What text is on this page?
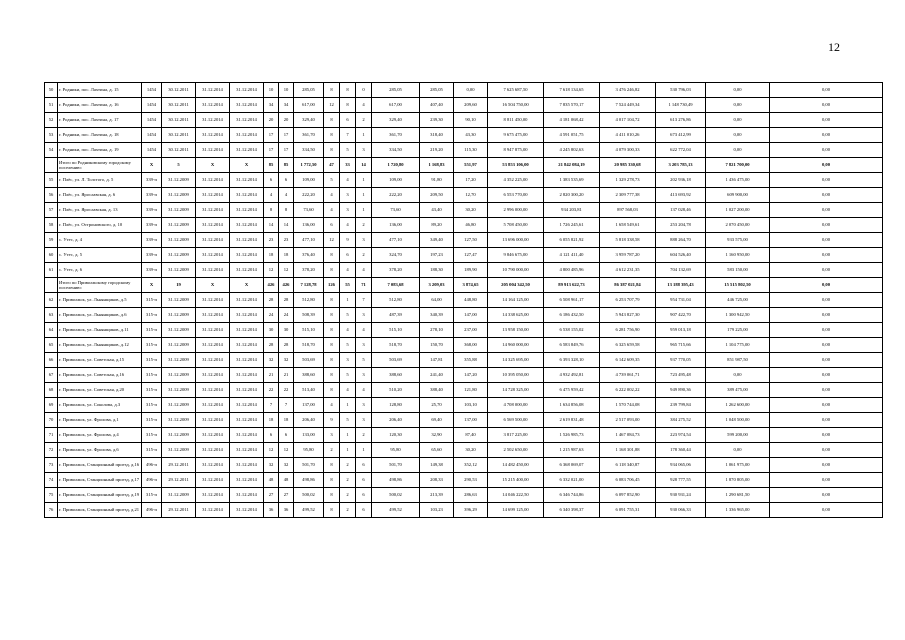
12
50	г. Родники, пос. Лахтина, д. 15	1454	30.12.2011	31.12.2014	31.12.2014	10	10	285,05	8	8	0	285,05	285,05	0,00	7 625 687,50	7 618 134,65	3 476 246,82	530 796,03	0,00	0,00
51	г. Родники, пос. Лахтина, д. 16	1454	30.12.2011	31.12.2014	31.12.2014	34	34	617,00	12	8	4	617,00	407,40	209,60	16 504 750,00	7 835 570,17	7 524 449,34	1 148 730,49	0,00	0,00
52	г. Родники, пос. Лахтина, д. 17	1454	30.12.2011	31.12.2014	31.12.2014	20	20	329,40	8	6	2	329,40	239,30	90,10	8 811 450,00	4 181 068,42	4 017 104,72	613 276,86	0,00	0,00
53	г. Родники, пос. Лахтина, д. 18	1454	30.12.2011	31.12.2014	31.12.2014	17	17	361,70	8	7	1	361,70	318,40	43,30	9 675 475,00	4 591 051,75	4 411 010,26	673 412,99	0,00	0,00
54	г. Родники, пос. Лахтина, д. 19	1454	30.12.2011	31.12.2014	31.12.2014	17	17	334,50	8	5	3	334,50	219,20	115,30	8 947 875,00	4 245 802,63	4 079 300,33	622 772,04	0,00	0,00
	Итого по Родниковскому городскому поселению:	X	5	X	X	85	85	1 772,50	47	33	14	1 720,80	1 168,83	551,97	53 853 106,00	21 842 084,19	20 985 330,68	3 203 785,13	7 821 700,00	0,00
55	г. Плёс, ул. Л. Толстого, д. 5	339-п	31.12.2009	31.12.2014	31.12.2014	6	6	109,00	5	4	1	109,00	91,80	17,20	4 352 225,00	1 383 535,69	1 329 278,73	202 936,18	1 436 475,00	0,00
56	г. Плёс, ул. Ярославская, д. 6	339-п	31.12.2009	31.12.2014	31.12.2014	4	4	222,20	4	3	1	222,20	209,50	12,70	6 553 770,00	2 820 300,20	2 309 777,38	413 693,92	609 900,00	0,00
57	г. Плёс, ул. Ярославская, д. 13	339-п	31.12.2009	31.12.2014	31.12.2014	8	8	73,60	4	3	1	73,60	43,40	30,20	2 996 000,00	934 203,81	897 568,03	137 028,46	1 027 200,00	0,00
58	г. Плёс, ул. Остроновского, д. 10	339-п	31.12.2009	31.12.2014	31.12.2014	14	14	136,00	6	4	2	136,00	89,20	46,80	5 708 450,00	1 726 245,61	1 658 549,61	253 204,78	2 070 450,00	0,00
59	с. Утес, д. 4	339-п	31.12.2009	31.12.2014	31.12.2014	23	23	477,10	12	9	3	477,10	349,40	127,50	13 696 000,00	6 055 821,92	5 818 338,58	888 264,70	933 575,00	0,00
60	с. Утес, д. 5	339-п	31.12.2009	31.12.2014	31.12.2014	18	18	376,40	8	6	2	324,70	197,23	127,47	9 846 675,00	4 121 411,40	3 959 787,20	604 526,40	1 160 950,00	0,00
61	с. Утес, д. 6	339-п	31.12.2009	31.12.2014	31.12.2014	12	12	378,20	8	4	4	378,20	188,30	189,90	10 790 000,00	4 800 485,96	4 612 231,35	704 132,69	583 150,00	0,00
	Итого по Приволжскому городскому поселению:	X	19	X	X	426	426	7 128,78	126	55	71	7 083,68	3 209,03	3 874,65	205 004 342,50	89 913 622,73	86 387 021,84	13 188 395,43	15 515 802,50	0,00
62	г. Приволжск, ул. Льнянщиков, д.5	315-п	31.12.2009	31.12.2014	31.12.2014	28	28	512,80	8	1	7	512,80	64,00	448,80	14 164 125,00	6 508 961,17	6 253 707,79	954 731,04	446 725,00	0,00
63	г. Приволжск, ул. Льнянщиков, д.6	315-п	31.12.2009	31.12.2014	31.12.2014	24	24	508,39	8	5	3	487,39	340,39	147,00	14 338 625,00	6 186 432,50	5 943 827,30	907 422,70	1 300 942,50	0,00
64	г. Приволжск, ул. Льнянщиков, д.11	315-п	31.12.2009	31.12.2014	31.12.2014	30	30	515,10	8	4	4	515,10	278,10	237,00	13 958 150,00	6 538 155,02	6 281 756,90	959 013,18	179 225,00	0,00
65	г. Приволжск, ул. Льнянщиков, д.12	315-п	31.12.2009	31.12.2014	31.12.2014	28	28	518,70	8	5	3	518,70	150,70	368,00	14 960 000,00	6 583 849,76	6 325 659,58	965 715,66	1 104 775,00	0,00
66	г. Приволжск, ул. Советская, д.15	315-п	31.12.2009	31.12.2014	31.12.2014	32	32	503,69	8	3	5	503,69	147,81	355,88	14 325 695,00	6 393 328,10	6 142 609,35	937 770,05	851 987,50	0,00
67	г. Приволжск, ул. Советская, д.16	315-п	31.12.2009	31.12.2014	31.12.2014	21	21	388,60	8	5	3	388,60	241,40	147,20	10 395 050,00	4 932 492,81	4 739 061,71	723 495,48	0,00	0,00
68	г. Приволжск, ул. Советская, д.20	315-п	31.12.2009	31.12.2014	31.12.2014	22	22	513,40	8	4	4	510,20	388,40	121,80	14 728 325,00	6 475 959,42	6 222 002,22	949 890,36	389 475,00	0,00
69	г. Приволжск, ул. Соколова, д.3	315-п	31.12.2009	31.12.2014	31.12.2014	7	7	137,00	4	1	3	128,80	25,70	103,10	4 708 000,00	1 634 856,08	1 570 744,08	239 799,84	1 262 600,00	0,00
70	г. Приволжск, ул. Фролова, д.1	315-п	31.12.2009	31.12.2014	31.12.2014	18	18	206,40	9	5	3	206,40	69,40	137,00	6 569 500,00	2 619 831,48	2 517 093,00	384 275,52	1 048 500,00	0,00
71	г. Приволжск, ул. Фролова, д.4	315-п	31.12.2009	31.12.2014	31.12.2014	6	6	133,00	3	1	2	120,30	32,90	87,40	3 817 225,00	1 526 985,73	1 467 084,73	223 974,54	599 200,00	0,00
72	г. Приволжск, ул. Фролова, д.6	315-п	31.12.2009	31.12.2014	31.12.2014	12	12	95,80	2	1	1	95,80	65,60	30,20	2 502 650,00	1 215 987,63	1 168 301,88	178 360,44	0,00	0,00
73	г. Приволжск, Станционный проезд, д.16	496-п	29.12.2011	31.12.2014	31.12.2014	32	32	501,70	8	2	6	501,70	149,38	352,12	14 482 450,00	6 368 069,07	6 118 340,87	934 065,06	1 061 975,00	0,00
74	г. Приволжск, Станционный проезд, д.17	496-п	29.12.2011	31.12.2014	31.12.2014	48	48	498,86	8	2	6	498,86	208,33	290,53	15 215 400,00	6 332 021,00	6 083 706,45	928 777,55	1 870 805,00	0,00
75	г. Приволжск, Станционный проезд, д.19	315-п	31.12.2009	31.12.2014	31.12.2014	27	27	500,02	8	2	6	500,02	213,39	286,63	14 046 222,50	6 346 744,86	6 097 852,90	930 931,24	1 290 681,50	0,00
76	г. Приволжск, Станционный проезд, д.21	496-п	29.12.2011	31.12.2014	31.12.2014	36	36	499,52	8	2	6	499,52	103,23	396,29	14 699 125,00	6 340 398,37	6 091 755,31	930 066,33	1 336 965,00	0,00
